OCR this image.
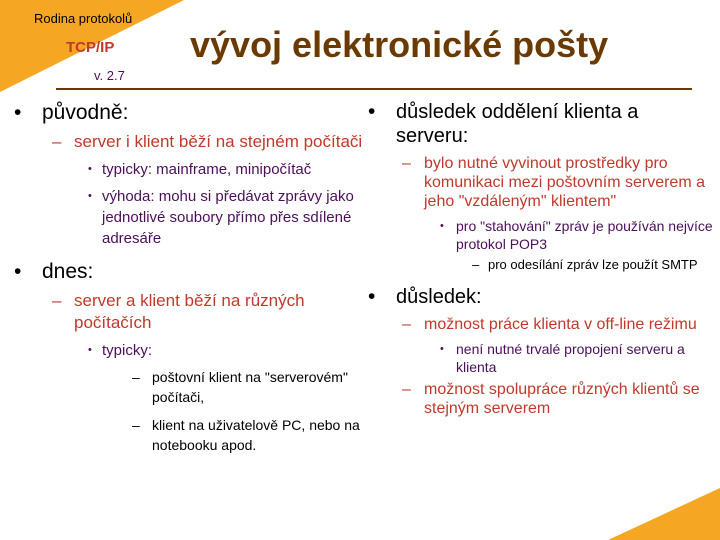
Rodina protokolů
TCP/IP
v. 2.7
vývoj elektronické pošty
• původně:
– server i klient běží na stejném počítači
• typicky: mainframe, minipočítač
• výhoda: mohu si předávat zprávy jako jednotlivé soubory přímo přes sdílené adresáře
• dnes:
– server a klient běží na různých počítačích
• typicky:
– poštovní klient na "serverovém" počítači,
– klient na uživatelově PC, nebo na notebooku apod.
• důsledek oddělení klienta a serveru:
– bylo nutné vyvinout prostředky pro komunikaci mezi poštovním serverem a jeho "vzdáleným" klientem"
• pro "stahování" zpráv je používán nejvíce protokol POP3
– pro odesílání zpráv lze použít SMTP
• důsledek:
– možnost práce klienta v off-line režimu
• není nutné trvalé propojení serveru a klienta
– možnost spolupráce různých klientů se stejným serverem
